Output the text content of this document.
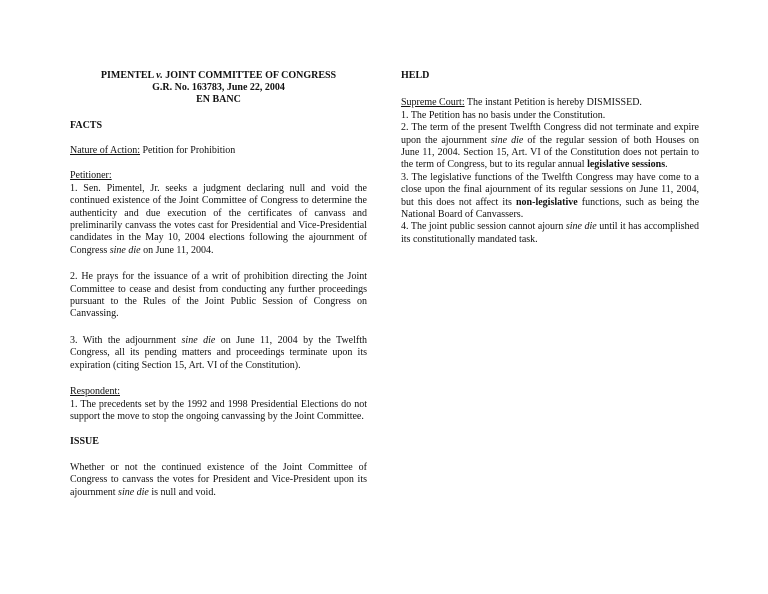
PIMENTEL v. JOINT COMMITTEE OF CONGRESS
G.R. No. 163783, June 22, 2004
EN BANC

FACTS

Nature of Action: Petition for Prohibition

Petitioner:

1. Sen. Pimentel, Jr. seeks a judgment declaring null and void the continued existence of the Joint Committee of Congress to determine the authenticity and due execution of the certificates of canvass and preliminarily canvass the votes cast for Presidential and Vice-Presidential candidates in the May 10, 2004 elections following the ajournment of Congress sine die on June 11, 2004.

2. He prays for the issuance of a writ of prohibition directing the Joint Committee to cease and desist from conducting any further proceedings pursuant to the Rules of the Joint Public Session of Congress on Canvassing.

3. With the adjournment sine die on June 11, 2004 by the Twelfth Congress, all its pending matters and proceedings terminate upon its expiration (citing Section 15, Art. VI of the Constitution).

Respondent:

1. The precedents set by the 1992 and 1998 Presidential Elections do not support the move to stop the ongoing canvassing by the Joint Committee.

ISSUE

Whether or not the continued existence of the Joint Committee of Congress to canvass the votes for President and Vice-President upon its ajournment sine die is null and void.

HELD

Supreme Court: The instant Petition is hereby DISMISSED.

1. The Petition has no basis under the Constitution.

2. The term of the present Twelfth Congress did not terminate and expire upon the ajournment sine die of the regular session of both Houses on June 11, 2004. Section 15, Art. VI of the Constitution does not pertain to the term of Congress, but to its regular annual legislative sessions.

3. The legislative functions of the Twelfth Congress may have come to a close upon the final ajournment of its regular sessions on June 11, 2004, but this does not affect its non-legislative functions, such as being the National Board of Canvassers.

4. The joint public session cannot ajourn sine die until it has accomplished its constitutionally mandated task.
